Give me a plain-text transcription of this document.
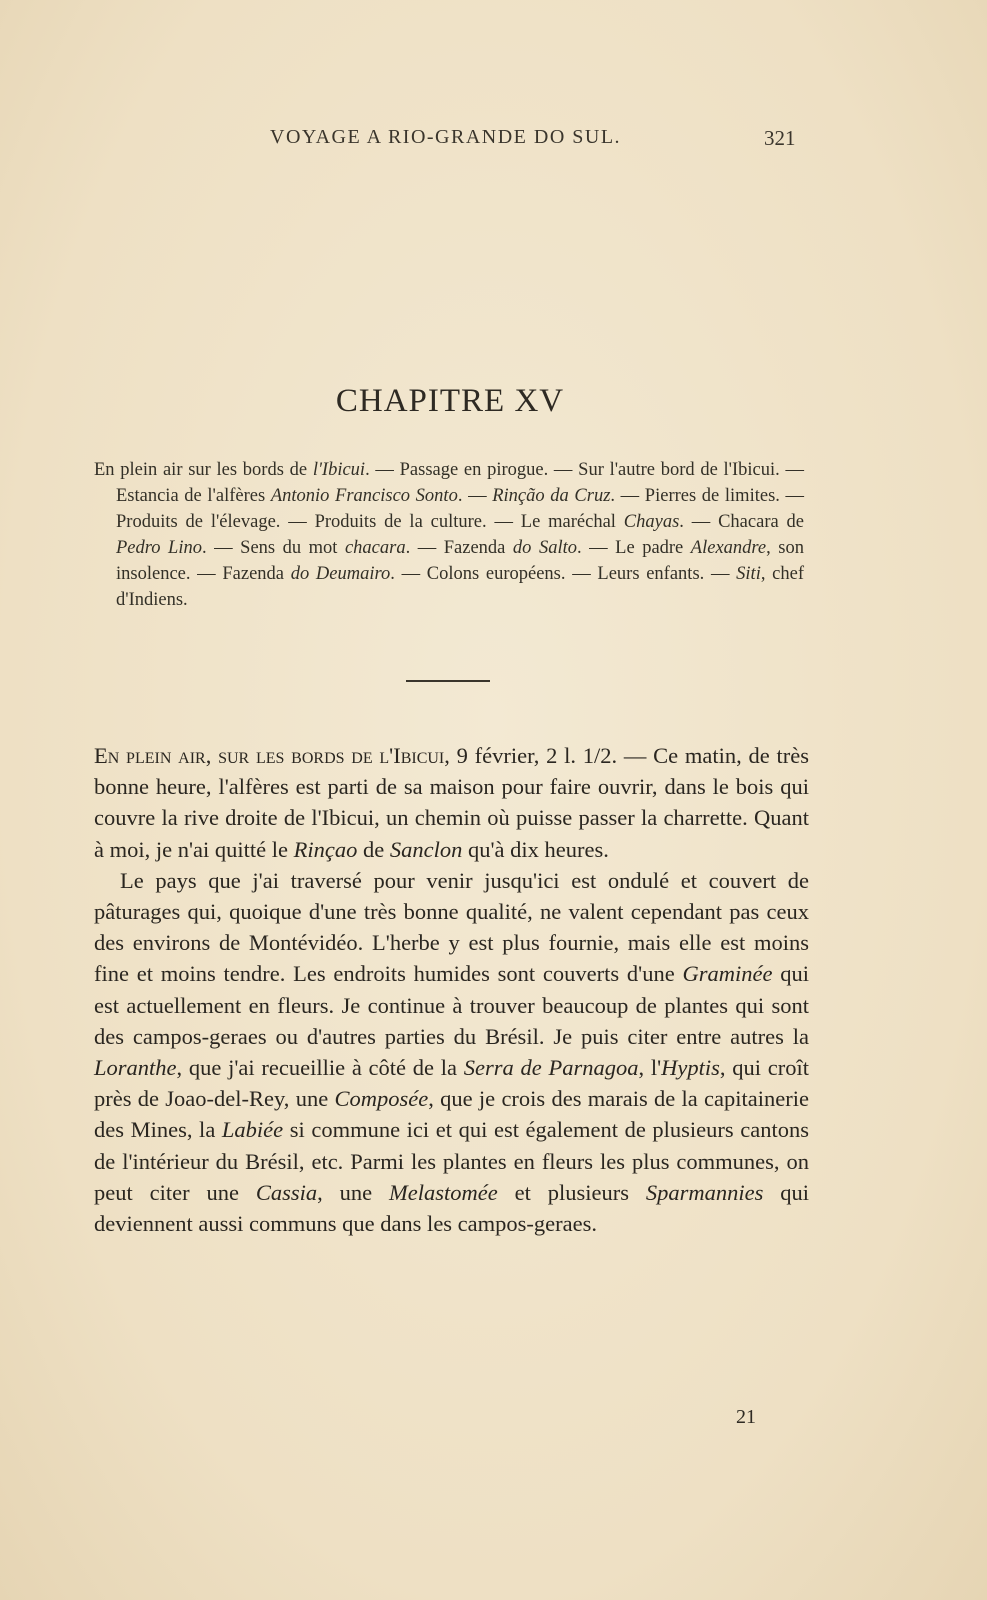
VOYAGE A RIO-GRANDE DO SUL.	321
CHAPITRE XV

En plein air sur les bords de l'Ibicui. — Passage en pirogue. — Sur l'autre bord de l'Ibicui. — Estancia de l'alfères Antonio Francisco Sonto. — Rinção da Cruz. — Pierres de limites. — Produits de l'élevage. — Produits de la culture. — Le maréchal Chayas. — Chacara de Pedro Lino. — Sens du mot chacara. — Fazenda do Salto. — Le padre Alexandre, son insolence. — Fazenda do Deumairo. — Colons européens. — Leurs enfants. — Siti, chef d'Indiens.

En plein air, sur les bords de l'Ibicui, 9 février, 2 l. 1/2. — Ce matin, de très bonne heure, l'alfères est parti de sa maison pour faire ouvrir, dans le bois qui couvre la rive droite de l'Ibicui, un chemin où puisse passer la charrette. Quant à moi, je n'ai quitté le Rinçao de Sanclon qu'à dix heures.

Le pays que j'ai traversé pour venir jusqu'ici est ondulé et couvert de pâturages qui, quoique d'une très bonne qualité, ne valent cependant pas ceux des environs de Montévidéo. L'herbe y est plus fournie, mais elle est moins fine et moins tendre. Les endroits humides sont couverts d'une Graminée qui est actuellement en fleurs. Je continue à trouver beaucoup de plantes qui sont des campos-geraes ou d'autres parties du Brésil. Je puis citer entre autres la Loranthe, que j'ai recueillie à côté de la Serra de Parnagoa, l'Hyptis, qui croît près de Joao-del-Rey, une Composée, que je crois des marais de la capitainerie des Mines, la Labiée si commune ici et qui est également de plusieurs cantons de l'intérieur du Brésil, etc. Parmi les plantes en fleurs les plus communes, on peut citer une Cassia, une Melastomée et plusieurs Sparmannies qui deviennent aussi communs que dans les campos-geraes.

21
